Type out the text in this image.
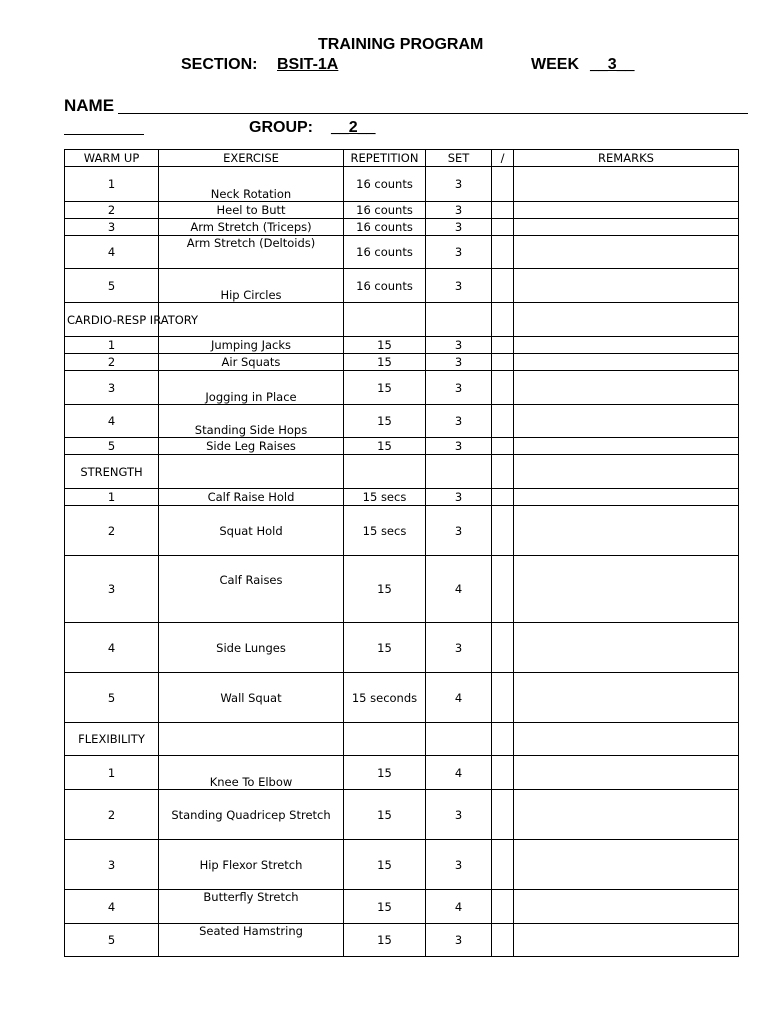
TRAINING PROGRAM
SECTION: BSIT-1A	WEEK __3__
NAME
GROUP: __2__
WARM UP	EXERCISE	REPETITION	SET	/	REMARKS
1	Neck Rotation	16 counts	3		
2	Heel to Butt	16 counts	3		
3	Arm Stretch (Triceps)	16 counts	3		
4	Arm Stretch (Deltoids)	16 counts	3		
5	Hip Circles	16 counts	3		
CARDIO-RESP IRATORY					
1	Jumping Jacks	15	3		
2	Air Squats	15	3		
3	Jogging in Place	15	3		
4	Standing Side Hops	15	3		
5	Side Leg Raises	15	3		
STRENGTH					
1	Calf Raise Hold	15 secs	3		
2	Squat Hold	15 secs	3		
3	Calf Raises	15	4		
4	Side Lunges	15	3		
5	Wall Squat	15 seconds	4		
FLEXIBILITY					
1	Knee To Elbow	15	4		
2	Standing Quadricep Stretch	15	3		
3	Hip Flexor Stretch	15	3		
4	Butterfly Stretch	15	4		
5	Seated Hamstring	15	3		
